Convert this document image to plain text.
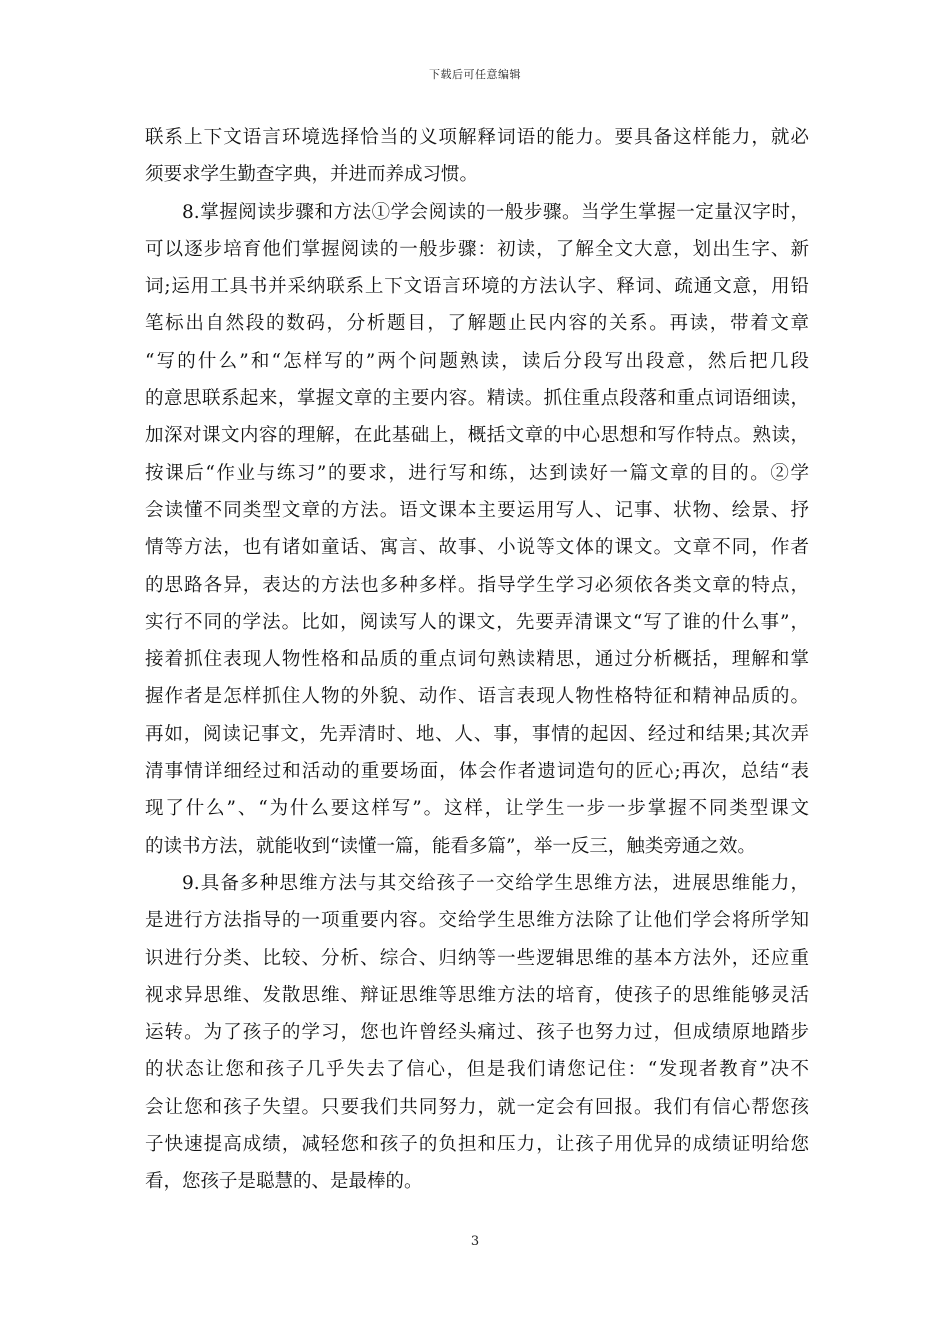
下载后可任意编辑
联系上下文语言环境选择恰当的义项解释词语的能力。要具备这样能力，就必
须要求学生勤查字典，并进而养成习惯。
8.掌握阅读步骤和方法①学会阅读的一般步骤。当学生掌握一定量汉字时，
可以逐步培育他们掌握阅读的一般步骤：初读，了解全文大意，划出生字、新
词;运用工具书并采纳联系上下文语言环境的方法认字、释词、疏通文意，用铅
笔标出自然段的数码，分析题目，了解题止民内容的关系。再读，带着文章
“写的什么”和“怎样写的”两个问题熟读，读后分段写出段意，然后把几段
的意思联系起来，掌握文章的主要内容。精读。抓住重点段落和重点词语细读，
加深对课文内容的理解，在此基础上，概括文章的中心思想和写作特点。熟读，
按课后“作业与练习”的要求，进行写和练，达到读好一篇文章的目的。②学
会读懂不同类型文章的方法。语文课本主要运用写人、记事、状物、绘景、抒
情等方法，也有诸如童话、寓言、故事、小说等文体的课文。文章不同，作者
的思路各异，表达的方法也多种多样。指导学生学习必须依各类文章的特点，
实行不同的学法。比如，阅读写人的课文，先要弄清课文“写了谁的什么事”，
接着抓住表现人物性格和品质的重点词句熟读精思，通过分析概括，理解和掌
握作者是怎样抓住人物的外貌、动作、语言表现人物性格特征和精神品质的。
再如，阅读记事文，先弄清时、地、人、事，事情的起因、经过和结果;其次弄
清事情详细经过和活动的重要场面，体会作者遗词造句的匠心;再次，总结“表
现了什么”、“为什么要这样写”。这样，让学生一步一步掌握不同类型课文
的读书方法，就能收到“读懂一篇，能看多篇”，举一反三，触类旁通之效。
9.具备多种思维方法与其交给孩子一交给学生思维方法，进展思维能力，
是进行方法指导的一项重要内容。交给学生思维方法除了让他们学会将所学知
识进行分类、比较、分析、综合、归纳等一些逻辑思维的基本方法外，还应重
视求异思维、发散思维、辩证思维等思维方法的培育，使孩子的思维能够灵活
运转。为了孩子的学习，您也许曾经头痛过、孩子也努力过，但成绩原地踏步
的状态让您和孩子几乎失去了信心，但是我们请您记住：“发现者教育”决不
会让您和孩子失望。只要我们共同努力，就一定会有回报。我们有信心帮您孩
子快速提高成绩，减轻您和孩子的负担和压力，让孩子用优异的成绩证明给您
看，您孩子是聪慧的、是最棒的。
3
